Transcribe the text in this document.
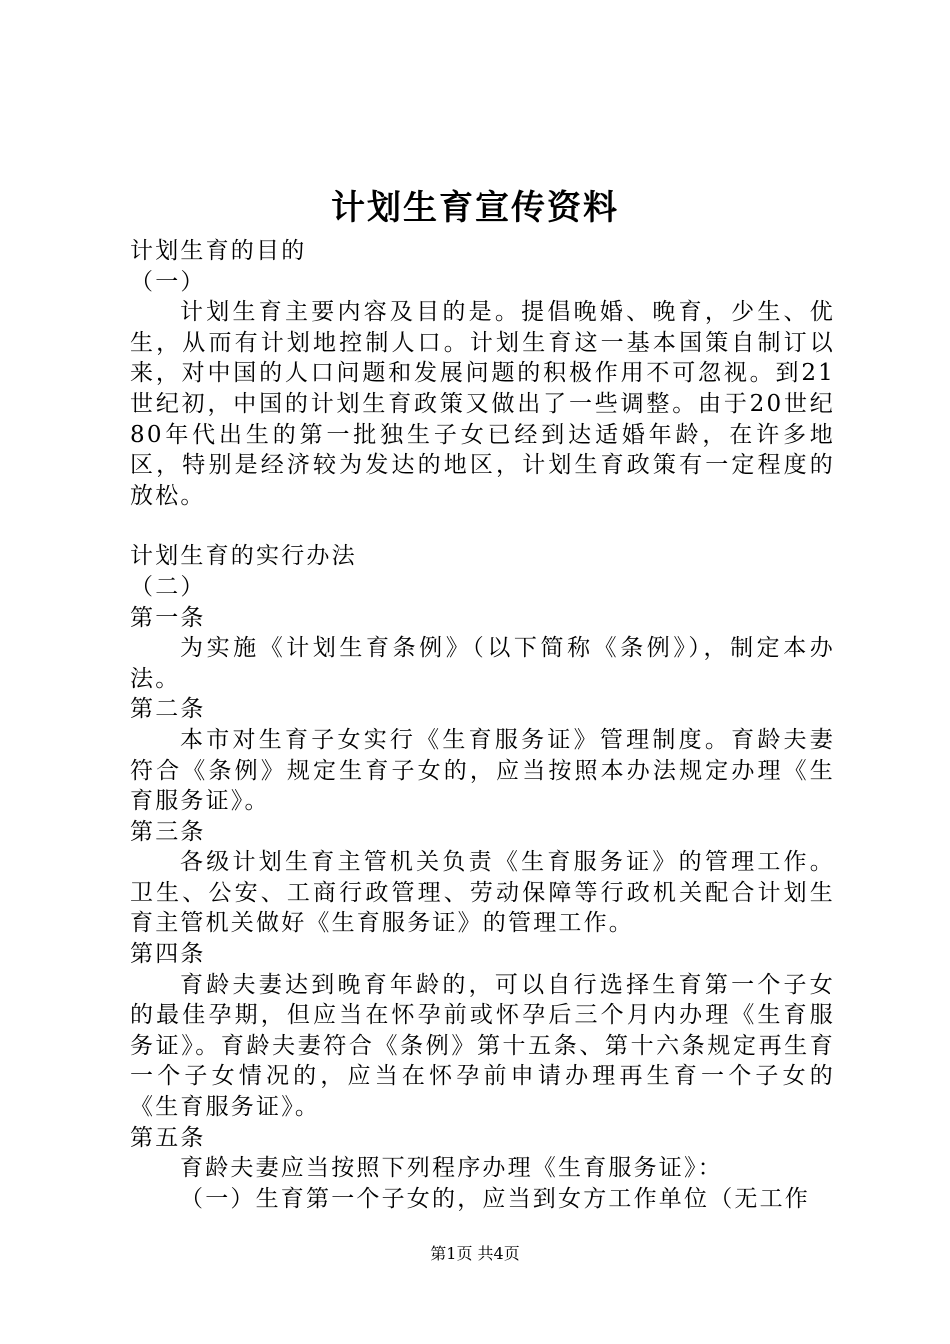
计划生育宣传资料

计划生育的目的

（一）

计划生育主要内容及目的是。提倡晚婚、晚育，少生、优生，从而有计划地控制人口。计划生育这一基本国策自制订以来，对中国的人口问题和发展问题的积极作用不可忽视。到21世纪初，中国的计划生育政策又做出了一些调整。由于20世纪80年代出生的第一批独生子女已经到达适婚年龄，在许多地区，特别是经济较为发达的地区，计划生育政策有一定程度的放松。

计划生育的实行办法

（二）

第一条

为实施《计划生育条例》（以下简称《条例》），制定本办法。

第二条

本市对生育子女实行《生育服务证》管理制度。育龄夫妻符合《条例》规定生育子女的，应当按照本办法规定办理《生育服务证》。

第三条

各级计划生育主管机关负责《生育服务证》的管理工作。卫生、公安、工商行政管理、劳动保障等行政机关配合计划生育主管机关做好《生育服务证》的管理工作。

第四条

育龄夫妻达到晚育年龄的，可以自行选择生育第一个子女的最佳孕期，但应当在怀孕前或怀孕后三个月内办理《生育服务证》。育龄夫妻符合《条例》第十五条、第十六条规定再生育一个子女情况的，应当在怀孕前申请办理再生育一个子女的《生育服务证》。

第五条

育龄夫妻应当按照下列程序办理《生育服务证》：

（一）生育第一个子女的，应当到女方工作单位（无工作

第1页 共4页
